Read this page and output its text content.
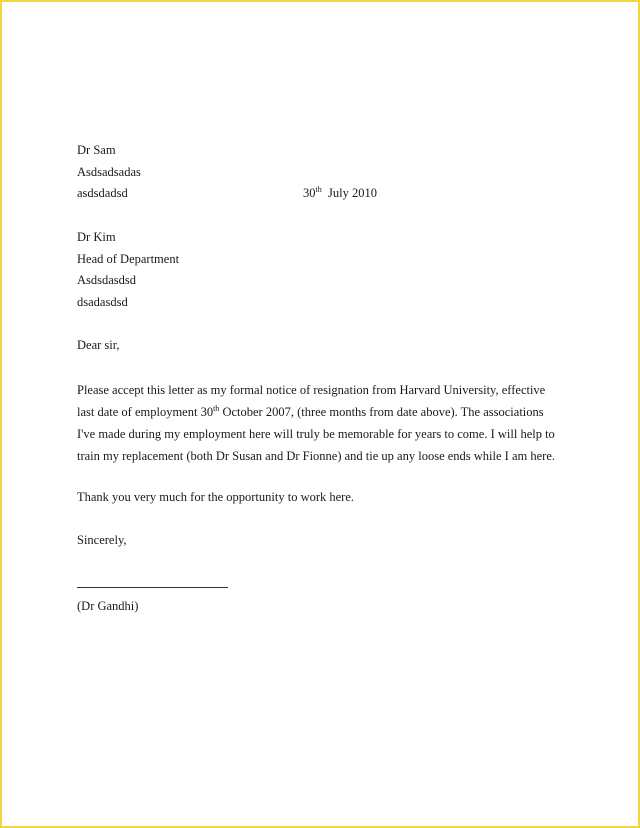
Dr Sam
Asdsadsadas
asdsdadsd	30th July 2010
Dr Kim
Head of Department
Asdsdasdsd
dsadasdsd
Dear sir,
Please accept this letter as my formal notice of resignation from Harvard University, effective
last date of employment 30th October 2007, (three months from date above). The associations
I've made during my employment here will truly be memorable for years to come. I will help to
train my replacement (both Dr Susan and Dr Fionne) and tie up any loose ends while I am here.
Thank you very much for the opportunity to work here.
Sincerely,
(Dr Gandhi)
